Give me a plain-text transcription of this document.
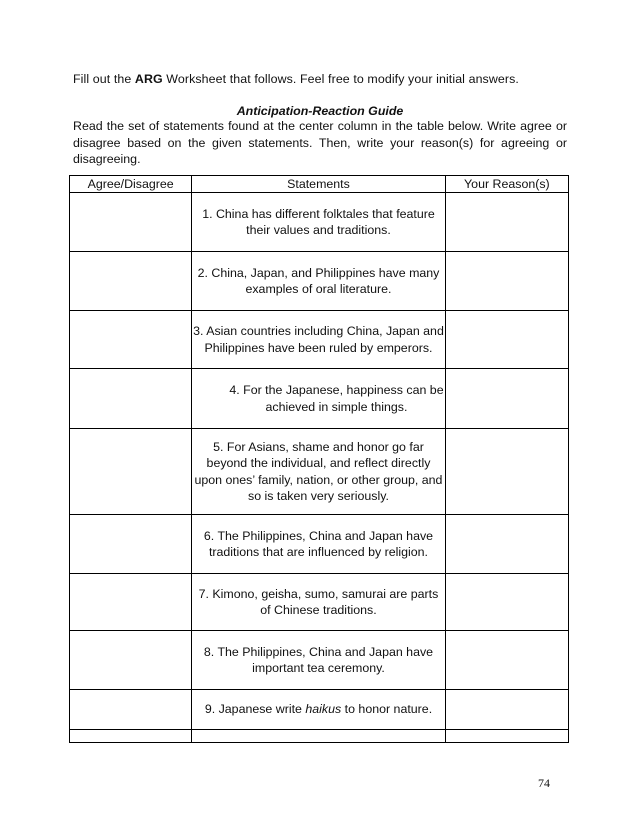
Fill out the ARG Worksheet that follows. Feel free to modify your initial answers.
Anticipation-Reaction Guide
Read the set of statements found at the center column in the table below. Write agree or disagree based on the given statements. Then, write your reason(s) for agreeing or disagreeing.
Agree/Disagree	Statements	Your Reason(s)
	1. China has different folktales that feature their values and traditions.	
	2. China, Japan, and Philippines have many examples of oral literature.	
	3. Asian countries including China, Japan and Philippines have been ruled by emperors.	
	4. For the Japanese, happiness can be achieved in simple things.	
	5. For Asians, shame and honor go far beyond the individual, and reflect directly upon ones’ family, nation, or other group, and so is taken very seriously.	
	6. The Philippines, China and Japan have traditions that are influenced by religion.	
	7. Kimono, geisha, sumo, samurai are parts of Chinese traditions.	
	8. The Philippines, China and Japan have important tea ceremony.	
	9. Japanese write haikus to honor nature.	

74
